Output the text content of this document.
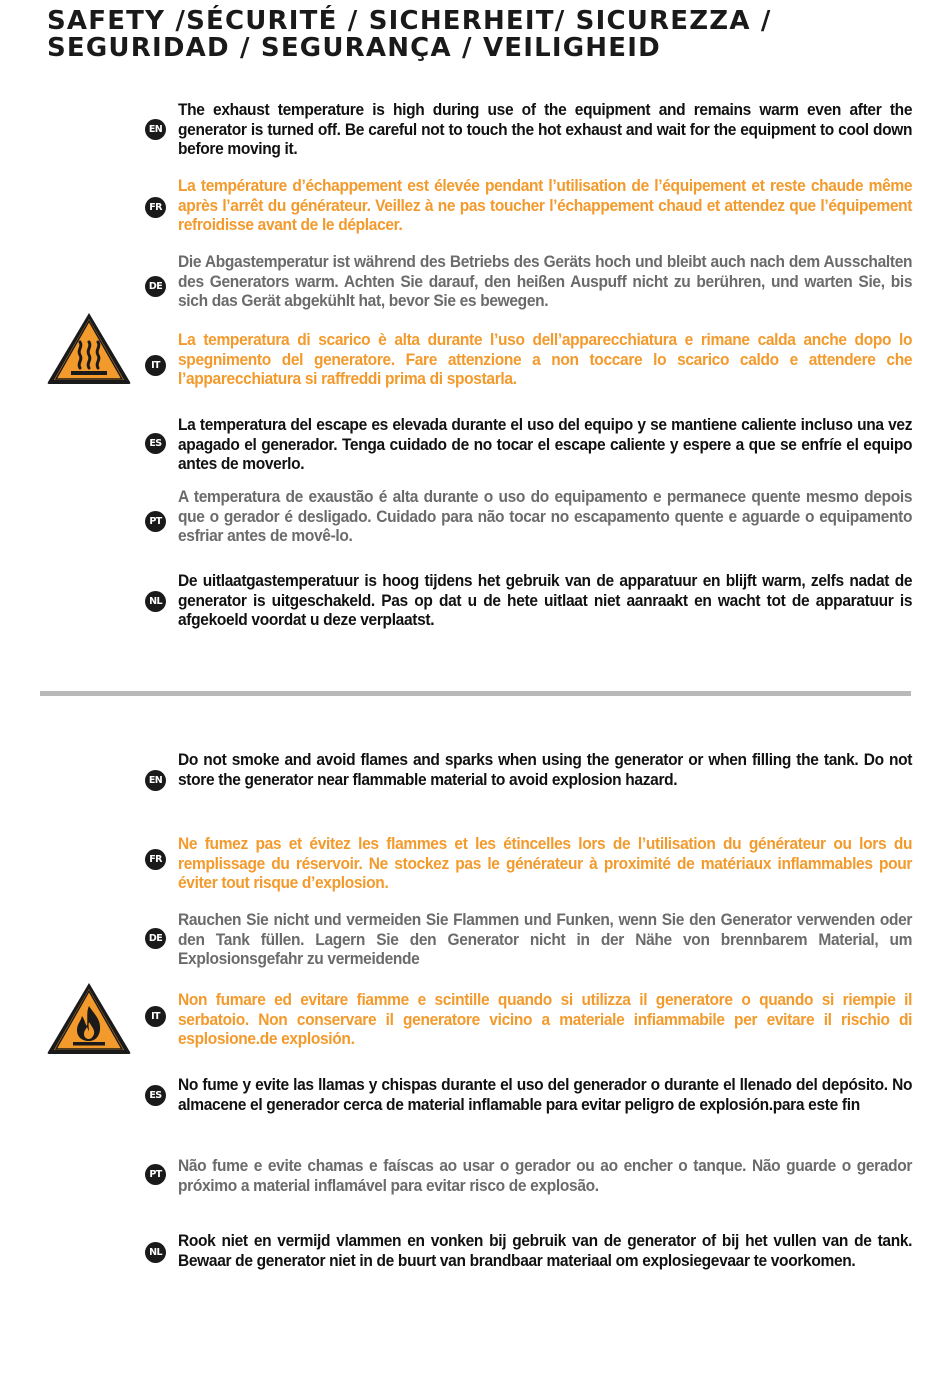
SAFETY /SÉCURITÉ / SICHERHEIT/ SICUREZZA /
SEGURIDAD / SEGURANÇA / VEILIGHEID
EN

The exhaust temperature is high during use of the equipment and remains warm even after the generator is turned off. Be careful not to touch the hot exhaust and wait for the equipment to cool down before moving it.

FR

La température d’échappement est élevée pendant l’utilisation de l’équipement et reste chaude même après l’arrêt du générateur. Veillez à ne pas toucher l’échappement chaud et attendez que l’équipement refroidisse avant de le déplacer.

DE

Die Abgastemperatur ist während des Betriebs des Geräts hoch und bleibt auch nach dem Ausschalten des Generators warm. Achten Sie darauf, den heißen Auspuff nicht zu berühren, und warten Sie, bis sich das Gerät abgekühlt hat, bevor Sie es bewegen.

IT

La temperatura di scarico è alta durante l’uso dell’apparecchiatura e rimane calda anche dopo lo spegnimento del generatore. Fare attenzione a non toccare lo scarico caldo e attendere che l’apparecchiatura si raffreddi prima di spostarla.

ES

La temperatura del escape es elevada durante el uso del equipo y se mantiene caliente incluso una vez apagado el generador. Tenga cuidado de no tocar el escape caliente y espere a que se enfríe el equipo antes de moverlo.

PT

A temperatura de exaustão é alta durante o uso do equipamento e permanece quente mesmo depois que o gerador é desligado. Cuidado para não tocar no escapamento quente e aguarde o equipamento esfriar antes de movê-lo.

NL

De uitlaatgastemperatuur is hoog tijdens het gebruik van de apparatuur en blijft warm, zelfs nadat de generator is uitgeschakeld. Pas op dat u de hete uitlaat niet aanraakt en wacht tot de apparatuur is afgekoeld voordat u deze verplaatst.

EN

Do not smoke and avoid flames and sparks when using the generator or when filling the tank. Do not store the generator near flammable material to avoid explosion hazard.

FR

Ne fumez pas et évitez les flammes et les étincelles lors de l’utilisation du générateur ou lors du remplissage du réservoir. Ne stockez pas le générateur à proximité de matériaux inflammables pour éviter tout risque d’explosion.

DE

Rauchen Sie nicht und vermeiden Sie Flammen und Funken, wenn Sie den Generator verwenden oder den Tank füllen. Lagern Sie den Generator nicht in der Nähe von brennbarem Material, um Explosionsgefahr zu vermeidende

IT

Non fumare ed evitare fiamme e scintille quando si utilizza il generatore o quando si riempie il serbatoio. Non conservare il generatore vicino a materiale infiammabile per evitare il rischio di esplosione.de explosión.

ES

No fume y evite las llamas y chispas durante el uso del generador o durante el llenado del depósito. No almacene el generador cerca de material inflamable para evitar peligro de explosión.para este fin

PT Não fume e evite chamas e faíscas ao usar o gerador ou ao encher o tanque. Não guarde o gerador próximo a material inflamável para evitar risco de explosão.

NL

Rook niet en vermijd vlammen en vonken bij gebruik van de generator of bij het vullen van de tank. Bewaar de generator niet in de buurt van brandbaar materiaal om explosiegevaar te voorkomen.
